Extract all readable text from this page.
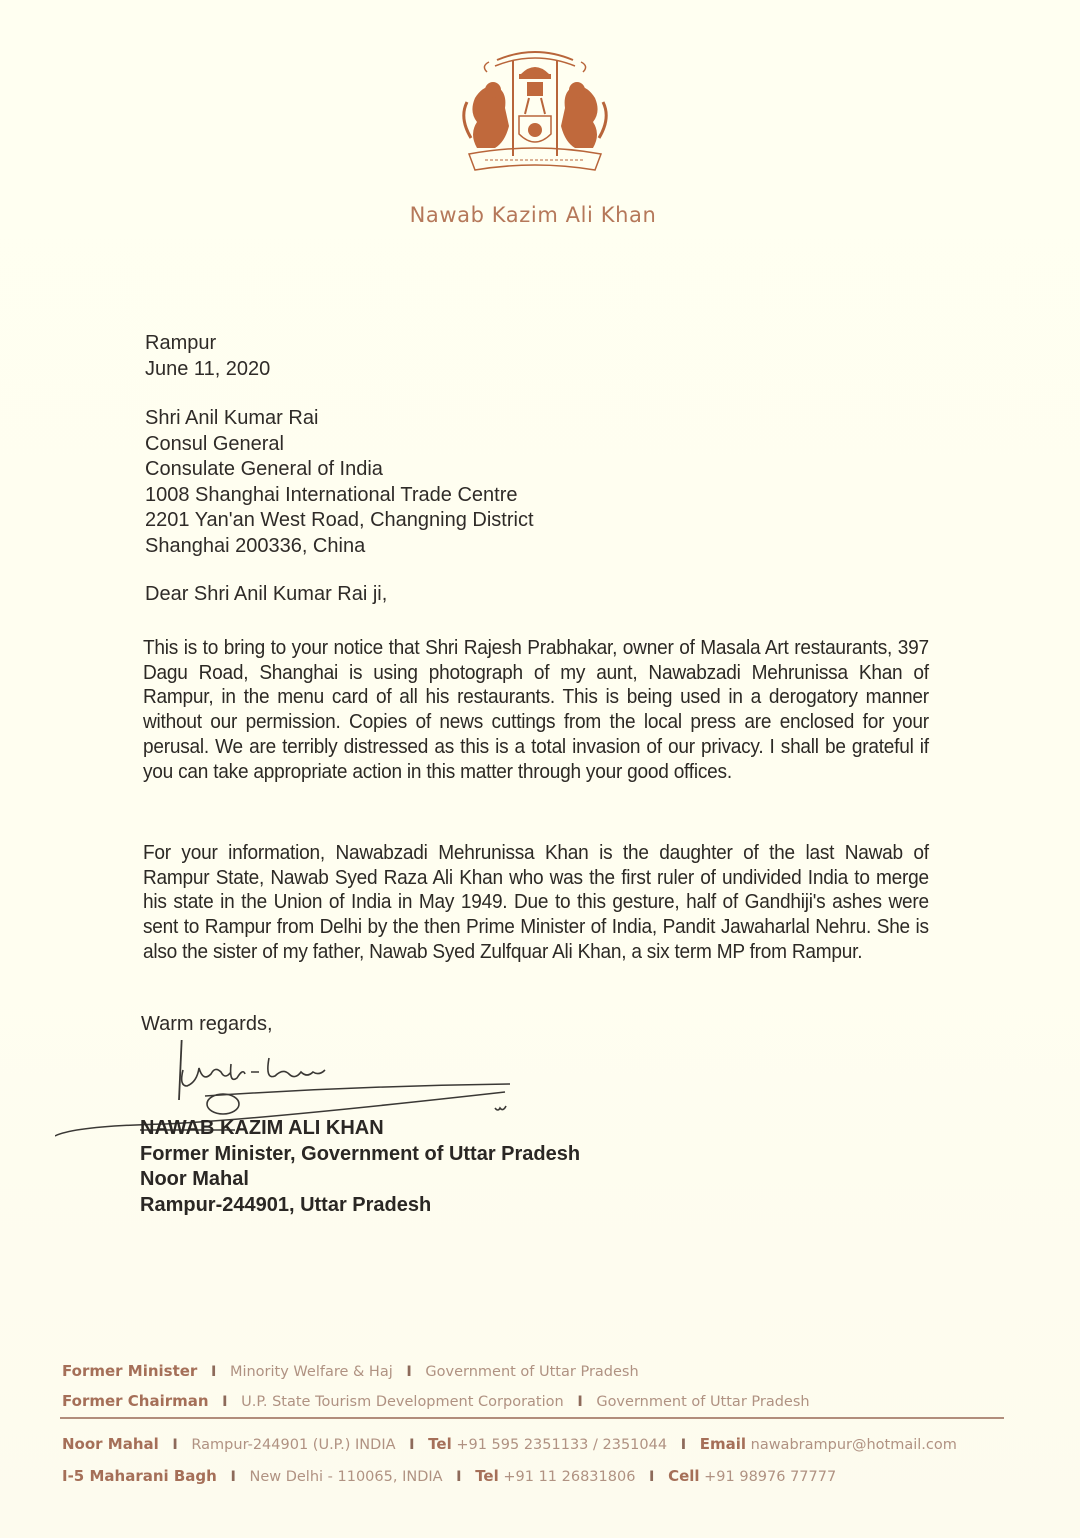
Nawab Kazim Ali Khan
Rampur
June 11, 2020
Shri Anil Kumar Rai
Consul General
Consulate General of India
1008 Shanghai International Trade Centre
2201 Yan'an West Road, Changning District
Shanghai 200336, China
Dear Shri Anil Kumar Rai ji,
This is to bring to your notice that Shri Rajesh Prabhakar, owner of Masala Art restaurants, 397 Dagu Road, Shanghai is using photograph of my aunt, Nawabzadi Mehrunissa Khan of Rampur, in the menu card of all his restaurants. This is being used in a derogatory manner without our permission. Copies of news cuttings from the local press are enclosed for your perusal. We are terribly distressed as this is a total invasion of our privacy. I shall be grateful if you can take appropriate action in this matter through your good offices.
For your information, Nawabzadi Mehrunissa Khan is the daughter of the last Nawab of Rampur State, Nawab Syed Raza Ali Khan who was the first ruler of undivided India to merge his state in the Union of India in May 1949. Due to this gesture, half of Gandhiji's ashes were sent to Rampur from Delhi by the then Prime Minister of India, Pandit Jawaharlal Nehru. She is also the sister of my father, Nawab Syed Zulfquar Ali Khan, a six term MP from Rampur.
Warm regards,
NAWAB KAZIM ALI KHAN
Former Minister, Government of Uttar Pradesh
Noor Mahal
Rampur-244901, Uttar Pradesh
Former Minister I Minority Welfare & Haj I Government of Uttar Pradesh
Former Chairman I U.P. State Tourism Development Corporation I Government of Uttar Pradesh
Noor Mahal I Rampur-244901 (U.P.) INDIA I Tel +91 595 2351133 / 2351044 I Email nawabrampur@hotmail.com
I-5 Maharani Bagh I New Delhi - 110065, INDIA I Tel +91 11 26831806 I Cell +91 98976 77777
